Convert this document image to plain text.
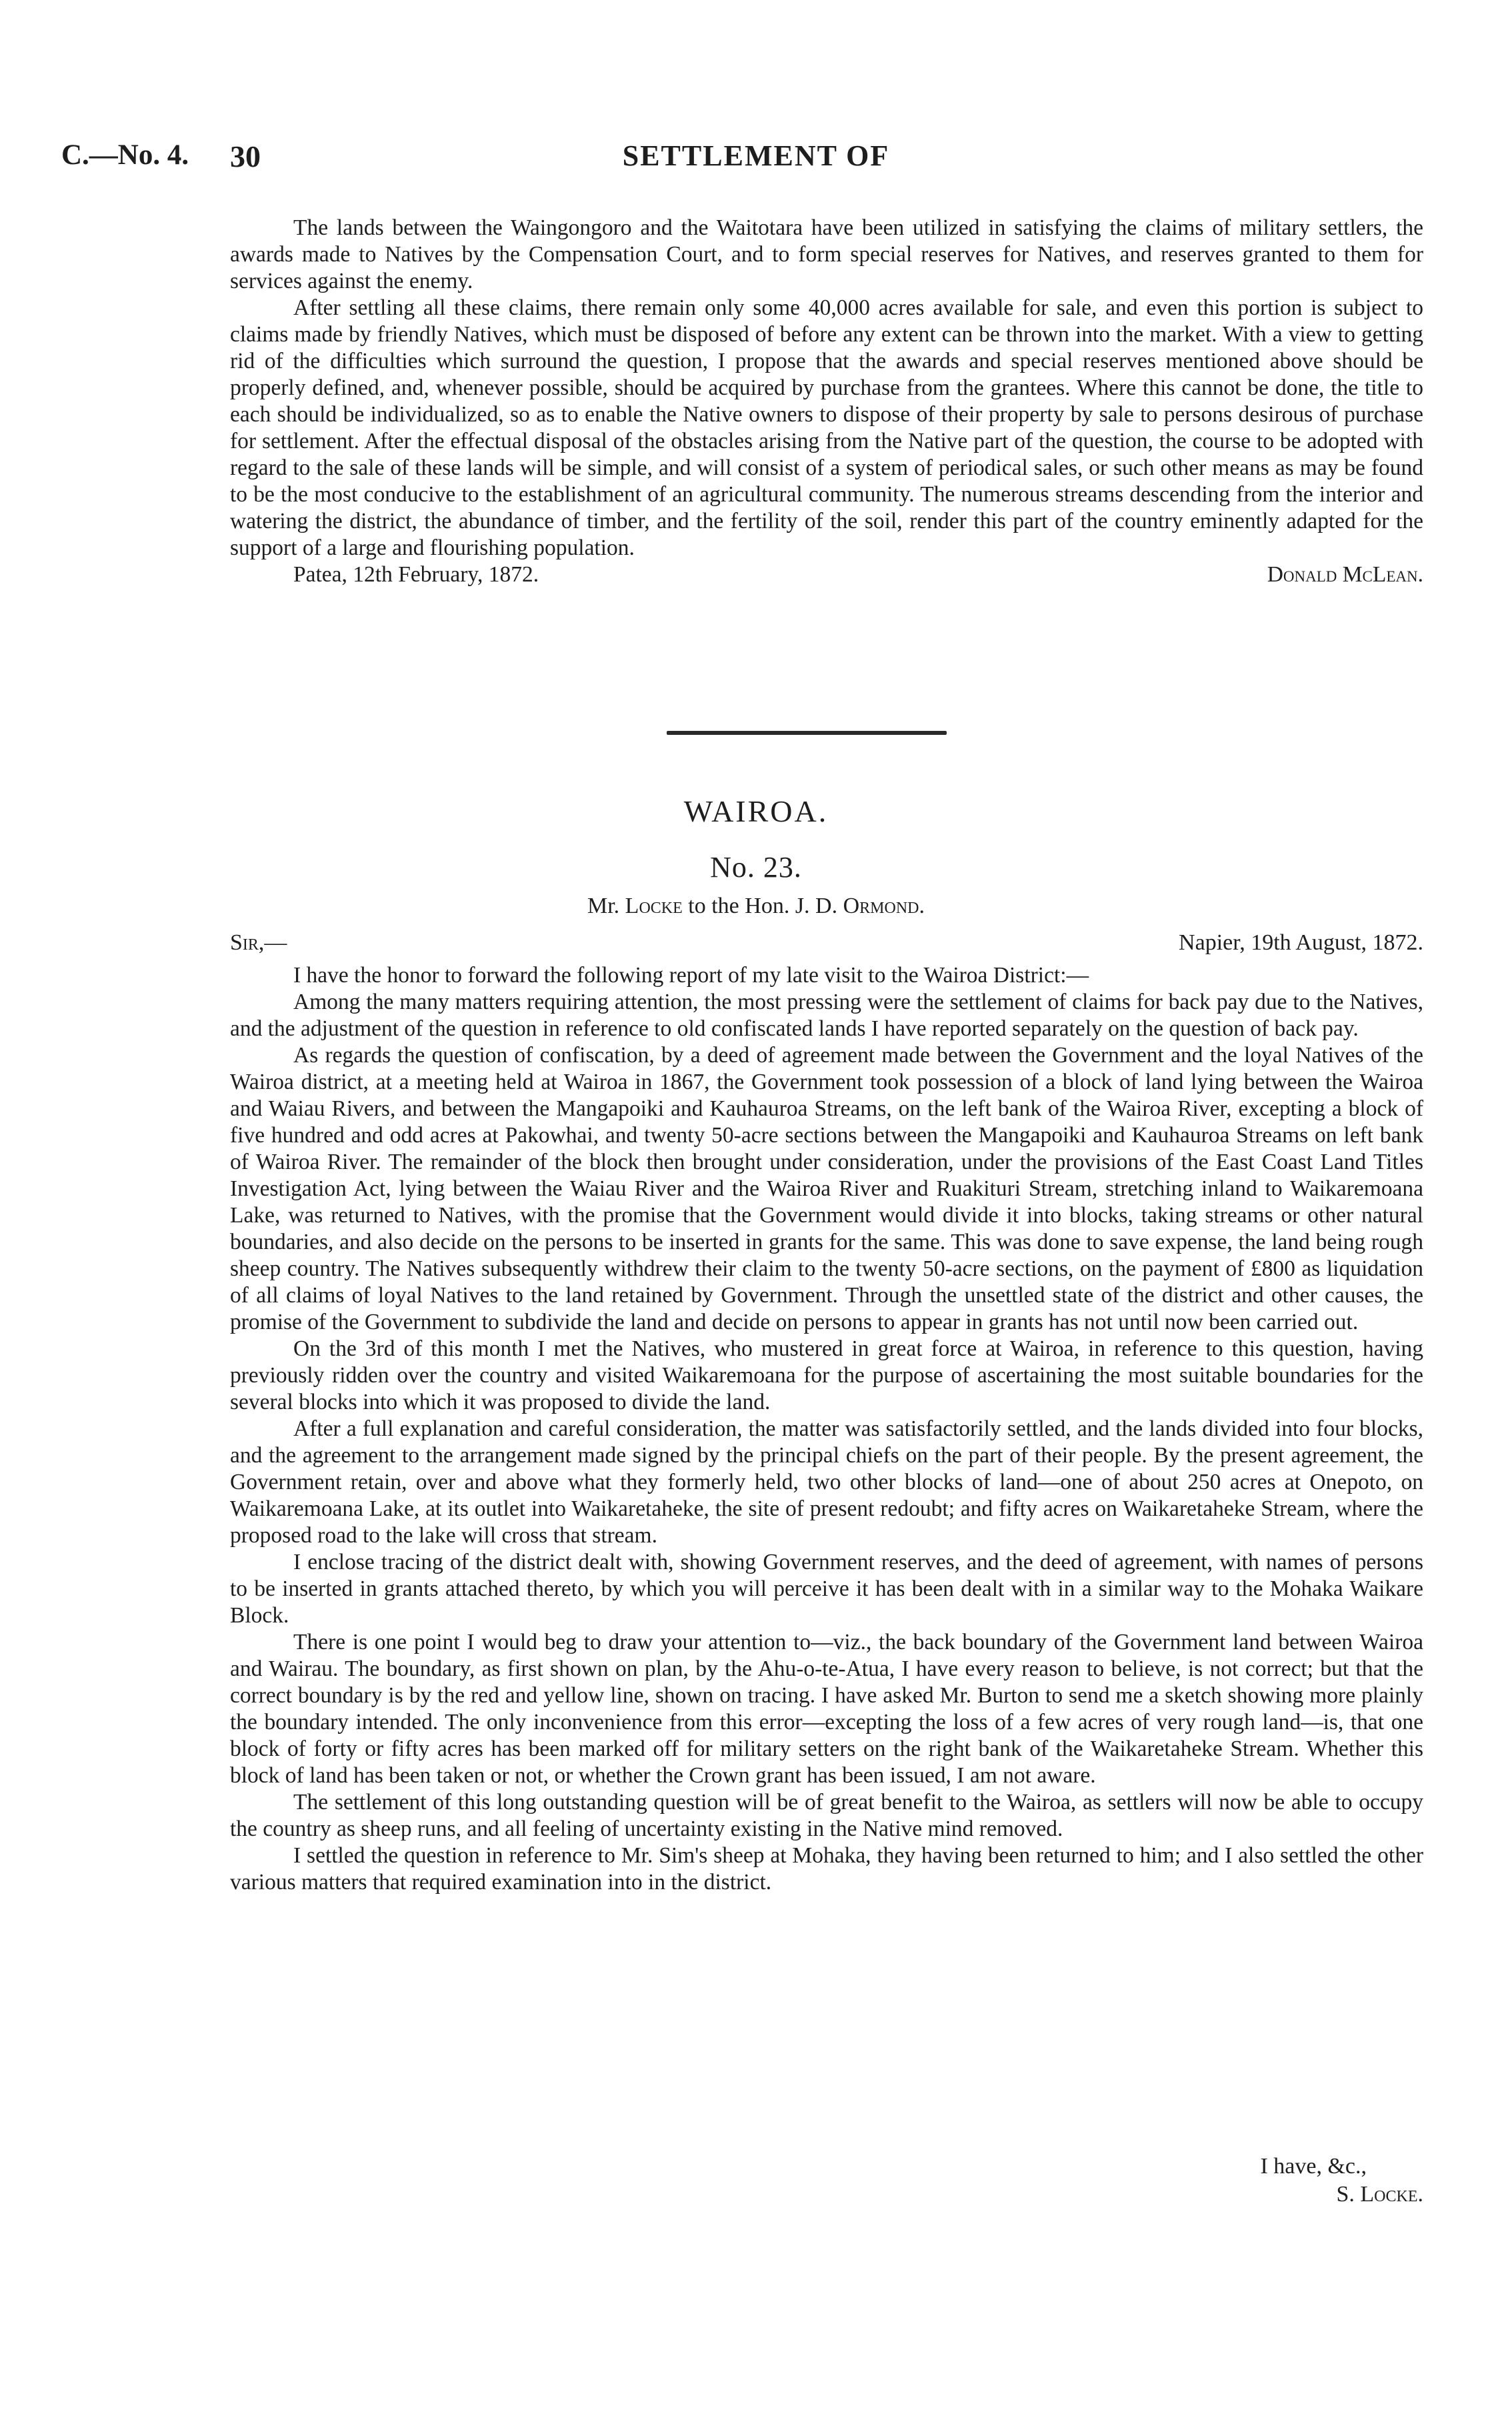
C.—No. 4. 30	SETTLEMENT OF

The lands between the Waingongoro and the Waitotara have been utilized in satisfying the claims of military settlers, the awards made to Natives by the Compensation Court, and to form special reserves for Natives, and reserves granted to them for services against the enemy.

After settling all these claims, there remain only some 40,000 acres available for sale, and even this portion is subject to claims made by friendly Natives, which must be disposed of before any extent can be thrown into the market. With a view to getting rid of the difficulties which surround the question, I propose that the awards and special reserves mentioned above should be properly defined, and, whenever possible, should be acquired by purchase from the grantees. Where this cannot be done, the title to each should be individualized, so as to enable the Native owners to dispose of their property by sale to persons desirous of purchase for settlement. After the effectual disposal of the obstacles arising from the Native part of the question, the course to be adopted with regard to the sale of these lands will be simple, and will consist of a system of periodical sales, or such other means as may be found to be the most conducive to the establishment of an agricultural community. The numerous streams descending from the interior and watering the district, the abundance of timber, and the fertility of the soil, render this part of the country eminently adapted for the support of a large and flourishing population.

Patea, 12th February, 1872.	Donald McLean.
WAIROA.
No. 23.
Mr. Locke to the Hon. J. D. Ormond.
Sir,—	Napier, 19th August, 1872.

I have the honor to forward the following report of my late visit to the Wairoa District:—

Among the many matters requiring attention, the most pressing were the settlement of claims for back pay due to the Natives, and the adjustment of the question in reference to old confiscated lands I have reported separately on the question of back pay.

As regards the question of confiscation, by a deed of agreement made between the Government and the loyal Natives of the Wairoa district, at a meeting held at Wairoa in 1867, the Government took possession of a block of land lying between the Wairoa and Waiau Rivers, and between the Mangapoiki and Kauhauroa Streams, on the left bank of the Wairoa River, excepting a block of five hundred and odd acres at Pakowhai, and twenty 50-acre sections between the Mangapoiki and Kauhauroa Streams on left bank of Wairoa River. The remainder of the block then brought under consideration, under the provisions of the East Coast Land Titles Investigation Act, lying between the Waiau River and the Wairoa River and Ruakituri Stream, stretching inland to Waikaremoana Lake, was returned to Natives, with the promise that the Government would divide it into blocks, taking streams or other natural boundaries, and also decide on the persons to be inserted in grants for the same. This was done to save expense, the land being rough sheep country. The Natives subsequently withdrew their claim to the twenty 50-acre sections, on the payment of £800 as liquidation of all claims of loyal Natives to the land retained by Government. Through the unsettled state of the district and other causes, the promise of the Government to subdivide the land and decide on persons to appear in grants has not until now been carried out.

On the 3rd of this month I met the Natives, who mustered in great force at Wairoa, in reference to this question, having previously ridden over the country and visited Waikaremoana for the purpose of ascertaining the most suitable boundaries for the several blocks into which it was proposed to divide the land.

After a full explanation and careful consideration, the matter was satisfactorily settled, and the lands divided into four blocks, and the agreement to the arrangement made signed by the principal chiefs on the part of their people. By the present agreement, the Government retain, over and above what they formerly held, two other blocks of land—one of about 250 acres at Onepoto, on Waikaremoana Lake, at its outlet into Waikaretaheke, the site of present redoubt; and fifty acres on Waikaretaheke Stream, where the proposed road to the lake will cross that stream.

I enclose tracing of the district dealt with, showing Government reserves, and the deed of agreement, with names of persons to be inserted in grants attached thereto, by which you will perceive it has been dealt with in a similar way to the Mohaka Waikare Block.

There is one point I would beg to draw your attention to—viz., the back boundary of the Government land between Wairoa and Wairau. The boundary, as first shown on plan, by the Ahu-o-te-Atua, I have every reason to believe, is not correct; but that the correct boundary is by the red and yellow line, shown on tracing. I have asked Mr. Burton to send me a sketch showing more plainly the boundary intended. The only inconvenience from this error—excepting the loss of a few acres of very rough land—is, that one block of forty or fifty acres has been marked off for military setters on the right bank of the Waikaretaheke Stream. Whether this block of land has been taken or not, or whether the Crown grant has been issued, I am not aware.

The settlement of this long outstanding question will be of great benefit to the Wairoa, as settlers will now be able to occupy the country as sheep runs, and all feeling of uncertainty existing in the Native mind removed.

I settled the question in reference to Mr. Sim's sheep at Mohaka, they having been returned to him; and I also settled the other various matters that required examination into in the district.

I have, &c.,
S. Locke.
